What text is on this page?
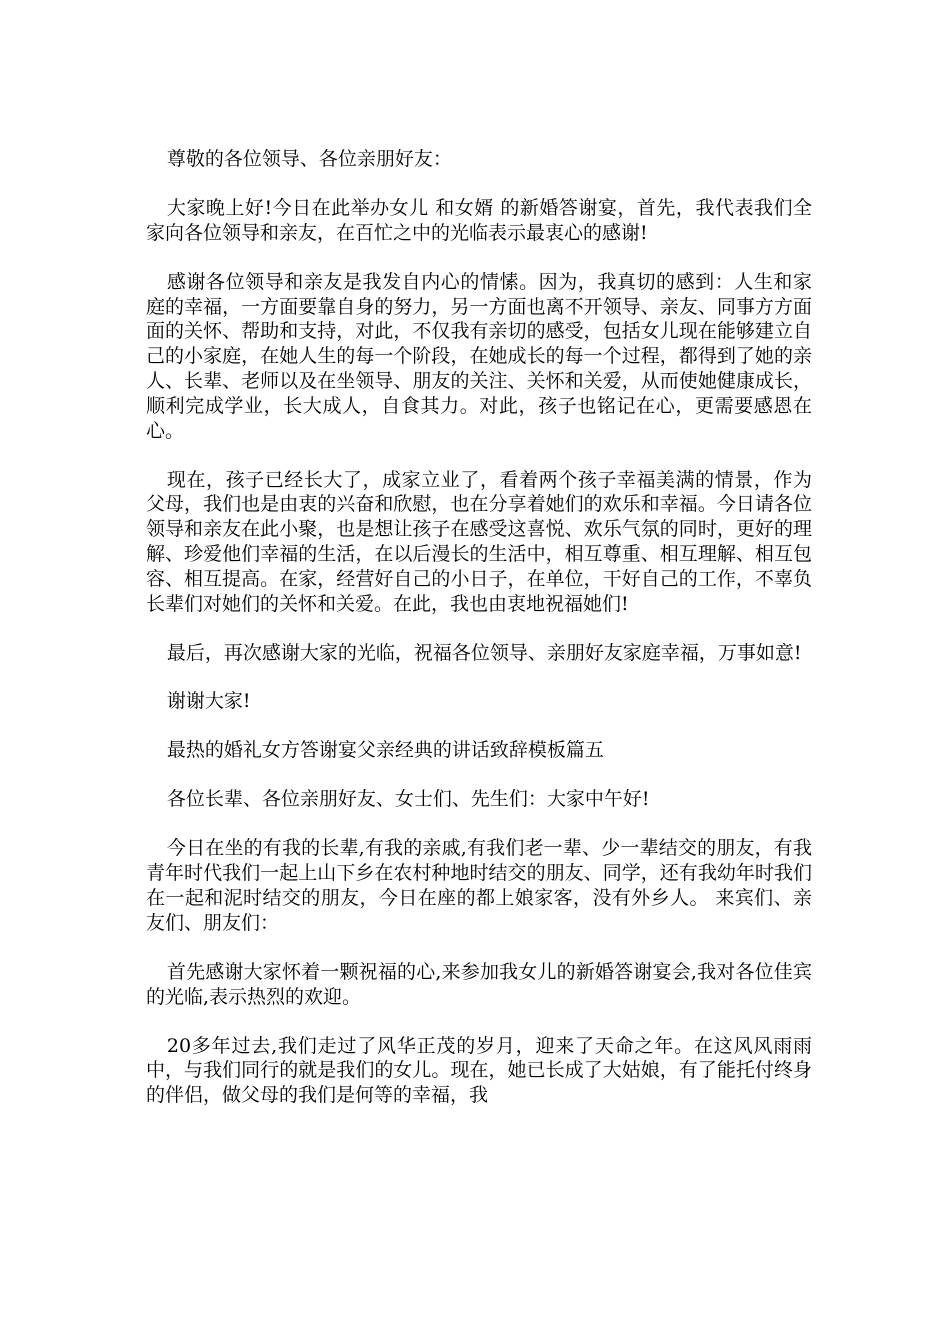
尊敬的各位领导、各位亲朋好友：

大家晚上好!今日在此举办女儿 和女婿 的新婚答谢宴，首先，我代表我们全家向各位领导和亲友，在百忙之中的光临表示最衷心的感谢!

感谢各位领导和亲友是我发自内心的情愫。因为，我真切的感到：人生和家庭的幸福，一方面要靠自身的努力，另一方面也离不开领导、亲友、同事方方面面的关怀、帮助和支持，对此，不仅我有亲切的感受，包括女儿现在能够建立自己的小家庭，在她人生的每一个阶段，在她成长的每一个过程，都得到了她的亲人、长辈、老师以及在坐领导、朋友的关注、关怀和关爱，从而使她健康成长，顺利完成学业，长大成人，自食其力。对此，孩子也铭记在心，更需要感恩在心。

现在，孩子已经长大了，成家立业了，看着两个孩子幸福美满的情景，作为父母，我们也是由衷的兴奋和欣慰，也在分享着她们的欢乐和幸福。今日请各位领导和亲友在此小聚，也是想让孩子在感受这喜悦、欢乐气氛的同时，更好的理解、珍爱他们幸福的生活，在以后漫长的生活中，相互尊重、相互理解、相互包容、相互提高。在家，经营好自己的小日子，在单位，干好自己的工作，不辜负长辈们对她们的关怀和关爱。在此，我也由衷地祝福她们!

最后，再次感谢大家的光临，祝福各位领导、亲朋好友家庭幸福，万事如意!

谢谢大家!

最热的婚礼女方答谢宴父亲经典的讲话致辞模板篇五

各位长辈、各位亲朋好友、女士们、先生们：大家中午好!

今日在坐的有我的长辈,有我的亲戚,有我们老一辈、少一辈结交的朋友，有我青年时代我们一起上山下乡在农村种地时结交的朋友、同学，还有我幼年时我们在一起和泥时结交的朋友，今日在座的都上娘家客，没有外乡人。 来宾们、亲友们、朋友们：

首先感谢大家怀着一颗祝福的心,来参加我女儿的新婚答谢宴会,我对各位佳宾的光临,表示热烈的欢迎。

20多年过去,我们走过了风华正茂的岁月，迎来了天命之年。在这风风雨雨中，与我们同行的就是我们的女儿。现在，她已长成了大姑娘，有了能托付终身的伴侣，做父母的我们是何等的幸福，我
